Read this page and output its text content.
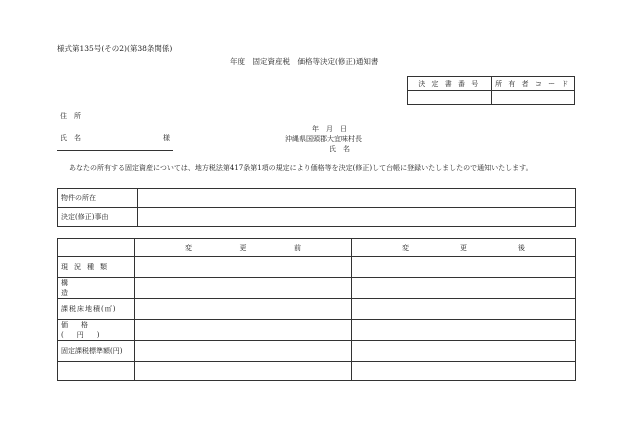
様式第135号(その2)(第38条関係)
年度　固定資産税　価格等決定(修正)通知書
決 定 書 番 号	所 有 者 コ ー ド

住　所
氏　名	様
年　月　日
沖縄県国頭郡大宜味村長
氏　名
あなたの所有する固定資産については、地方税法第417条第1項の規定により価格等を決定(修正)して台帳に登録いたしましたので通知いたします。
物件の所在	
決定(修正)事由	

	変 更 前	変 更 後

現況種類		
構造		
課税床地積(㎡)		
価格(円)		
固定課税標準額(円)		
